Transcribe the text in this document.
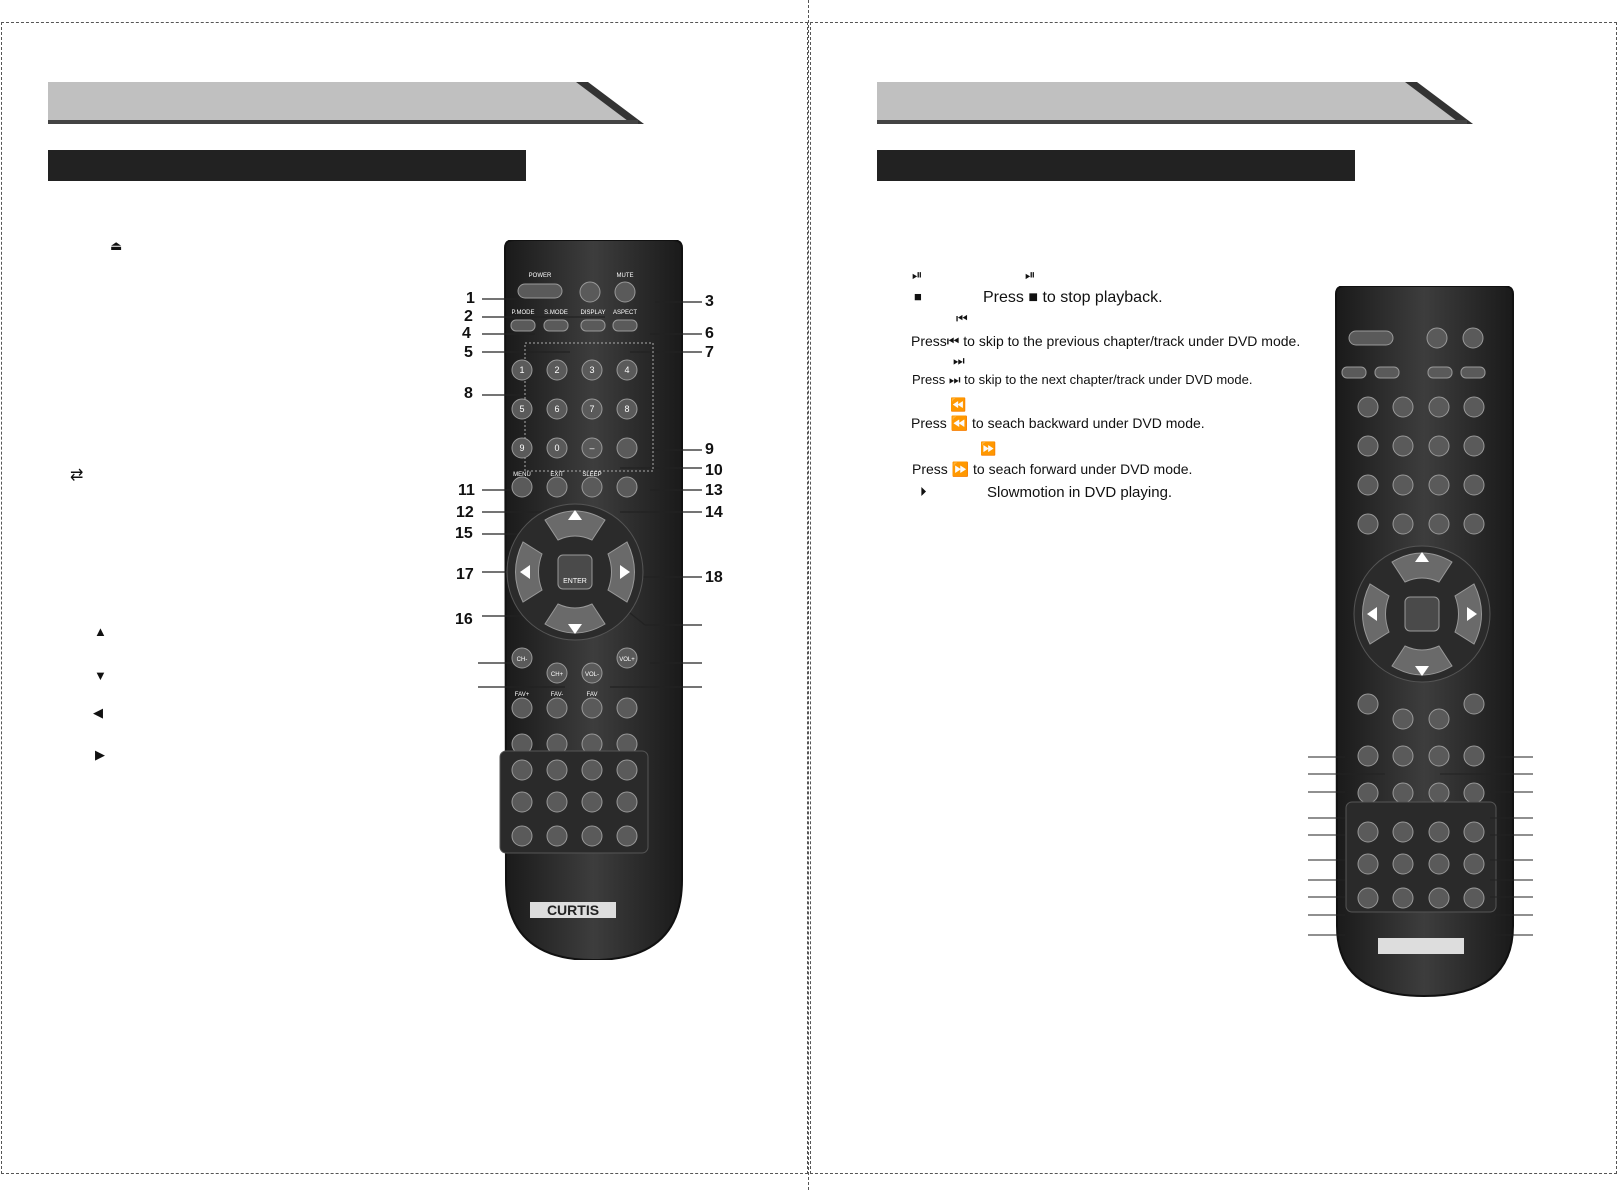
⏏
⇄
▲
▼
◀
▶
POWER	MUTE
P.MODE S.MODE DISPLAY ASPECT
1	2	3	4
5	6	7	8
9	0	–
MENU	EXIT	SLEEP
ENTER
CH-
CH+	VOL-
VOL+
FAV+	FAV-	FAV
CURTIS
1
2
3
4
5
6
7
8
9
10
11
12
13
14
15
16
17	18
⏯	⏯
■	Press ■ to stop playback.
⏮
Press⏮ to skip to the previous chapter/track under DVD mode.
⏭
Press ⏭ to skip to the next chapter/track under DVD mode.
⏪
Press ⏪ to seach backward under DVD mode.
⏩
Press ⏩ to seach forward under DVD mode.
⏵	Slowmotion in DVD playing.
